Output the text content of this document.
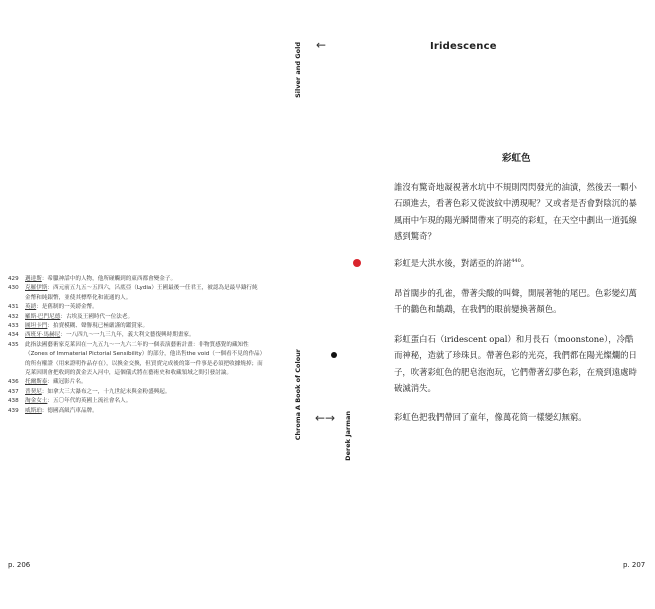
429	邁達斯：希臘神話中的人物，他所碰觸到的東西都會變金子。
430	克羅伊斯：西元前五九五～五四六，呂底亞（Lydia）王國最後一任君王，被認為是最早鑄行純金幣和純銀幣，並使其標準化和流通的人。
431	英鎊：是舊制的一英鎊金幣。
432	羅斯‧巴門尼德：古埃及王國時代一位法老。
433	圖坦卡門：拍賣模糊、聲譽現已極嚴謹的鑑賞家。
434	西班牙‧馬赫尼：一八四九～一九三九年，義大利文藝復興時期畫家。
435	此指法國藝術家克萊因在一九五九～一九六二年的一個表演藝術計畫：非物質感覺的藏知性（Zones of Immaterial Pictorial Sensibility）的部分，他出售the void（一個看不見的作品）的所有權證（用來證明作品存在），以換金交換，但買賣完成後的第一件事是必須把收據燒掉；而克萊因則會把收到的黃金丟入河中，這個儀式將在藝術史和收藏領域之間引發討論。
436	托爾斯泰：藏冠影片名。
437	普契尼：如拿大三大瀑布之一，十九世紀末與金粉盛興起。
438	淘金女士：五〇年代的英國上流社會名人。
439	威斯珀：德國高級汽車品牌。
p. 206
Silver and Gold ←
A Book of Colour
Chroma	Derek Jarman
←→
Iridescence
彩虹色
誰沒有驚奇地凝視著水坑中不規則閃閃發光的油漬，然後丟一顆小石頭進去，看著色彩又從波紋中湧現呢？又或者是否會對陰沉的暴風雨中乍現的陽光瞬間帶來了明亮的彩虹，在天空中劃出一道弧線感到驚奇？
彩虹是大洪水後，對諾亞的許諾$^{440}$。
昂首闊步的孔雀，帶著尖酸的叫聲，開展著牠的尾巴。色彩變幻萬千的鸛色和鵲鵡，在我們的眼前變換著顏色。
彩虹蛋白石（iridescent opal）和月長石（moonstone），冷酷而神秘，造就了珍珠貝。帶著色彩的光亮，我們都在陽光燦爛的日子，吹著彩虹色的肥皂泡泡玩，它們帶著幻夢色彩，在飛到遠處時破滅消失。
彩虹色把我們帶回了童年，像萬花筒一樣變幻無窮。
p. 207
